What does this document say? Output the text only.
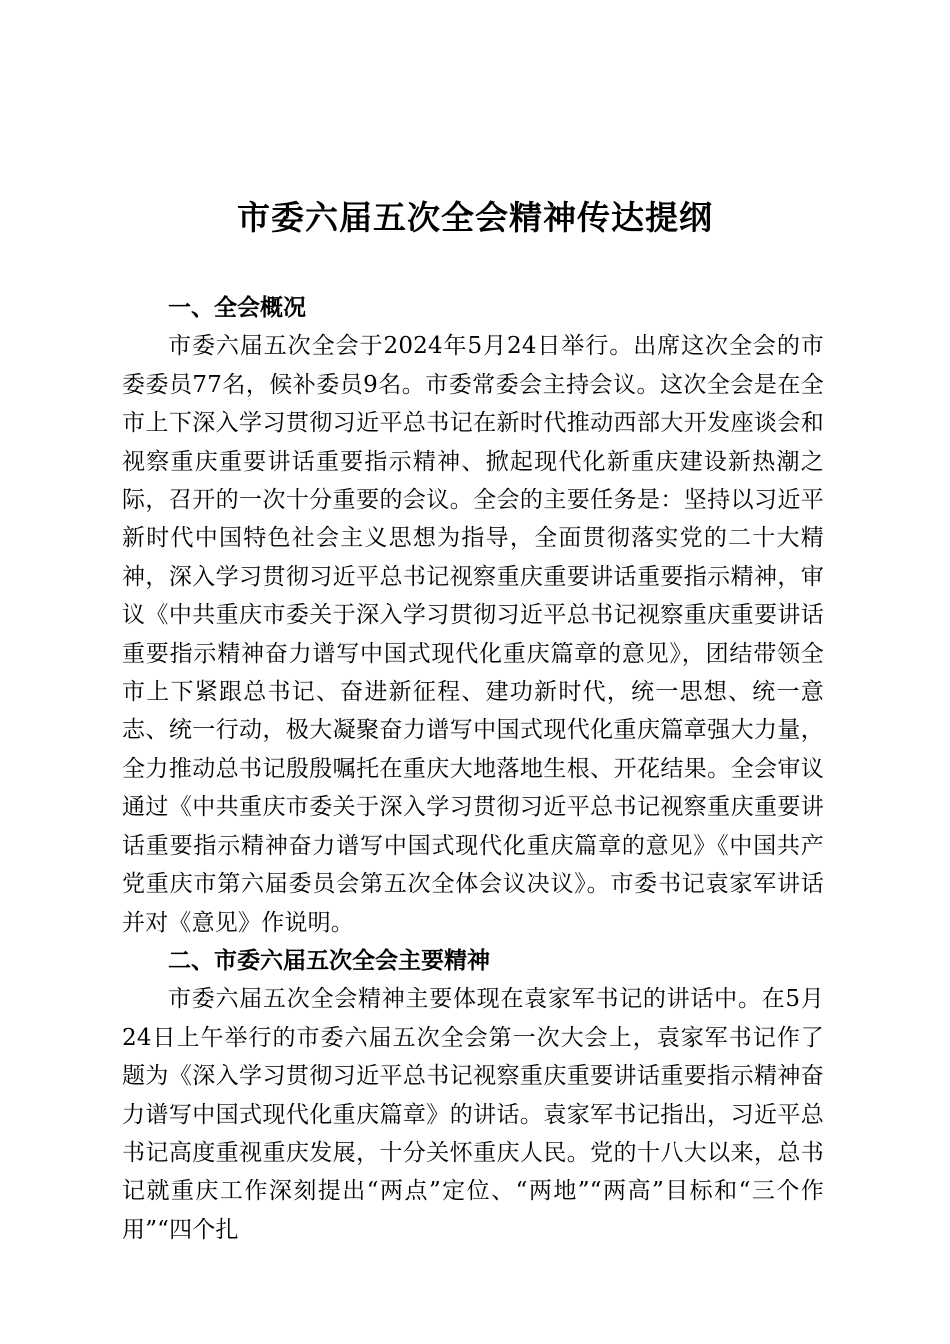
市委六届五次全会精神传达提纲

一、全会概况

市委六届五次全会于2024年5月24日举行。出席这次全会的市委委员77名，候补委员9名。市委常委会主持会议。这次全会是在全市上下深入学习贯彻习近平总书记在新时代推动西部大开发座谈会和视察重庆重要讲话重要指示精神、掀起现代化新重庆建设新热潮之际，召开的一次十分重要的会议。全会的主要任务是：坚持以习近平新时代中国特色社会主义思想为指导，全面贯彻落实党的二十大精神，深入学习贯彻习近平总书记视察重庆重要讲话重要指示精神，审议《中共重庆市委关于深入学习贯彻习近平总书记视察重庆重要讲话重要指示精神奋力谱写中国式现代化重庆篇章的意见》，团结带领全市上下紧跟总书记、奋进新征程、建功新时代，统一思想、统一意志、统一行动，极大凝聚奋力谱写中国式现代化重庆篇章强大力量，全力推动总书记殷殷嘱托在重庆大地落地生根、开花结果。全会审议通过《中共重庆市委关于深入学习贯彻习近平总书记视察重庆重要讲话重要指示精神奋力谱写中国式现代化重庆篇章的意见》《中国共产党重庆市第六届委员会第五次全体会议决议》。市委书记袁家军讲话并对《意见》作说明。

二、市委六届五次全会主要精神

市委六届五次全会精神主要体现在袁家军书记的讲话中。在5月24日上午举行的市委六届五次全会第一次大会上，袁家军书记作了题为《深入学习贯彻习近平总书记视察重庆重要讲话重要指示精神奋力谱写中国式现代化重庆篇章》的讲话。袁家军书记指出，习近平总书记高度重视重庆发展，十分关怀重庆人民。党的十八大以来，总书记就重庆工作深刻提出“两点”定位、“两地”“两高”目标和“三个作用”“四个扎
